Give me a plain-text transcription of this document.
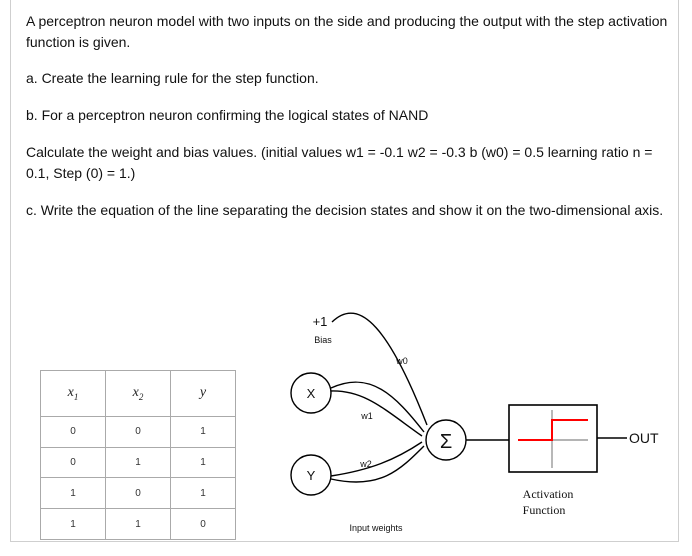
A perceptron neuron model with two inputs on the side and producing the output with the step activation function is given.

a. Create the learning rule for the step function.

b. For a perceptron neuron confirming the logical states of NAND

Calculate the weight and bias values. (initial values w1 = -0.1 w2 = -0.3 b (w0) = 0.5 learning ratio n = 0.1, Step (0) = 1.)

c. Write the equation of the line separating the decision states and show it on the two-dimensional axis.

$x_1$	$x_2$	y
0	0	1
0	1	1
1	0	1
1	1	0
X
Y
+1
Bias
w0
w1
w2
Σ	OUT
Activation
Function
Input weights
